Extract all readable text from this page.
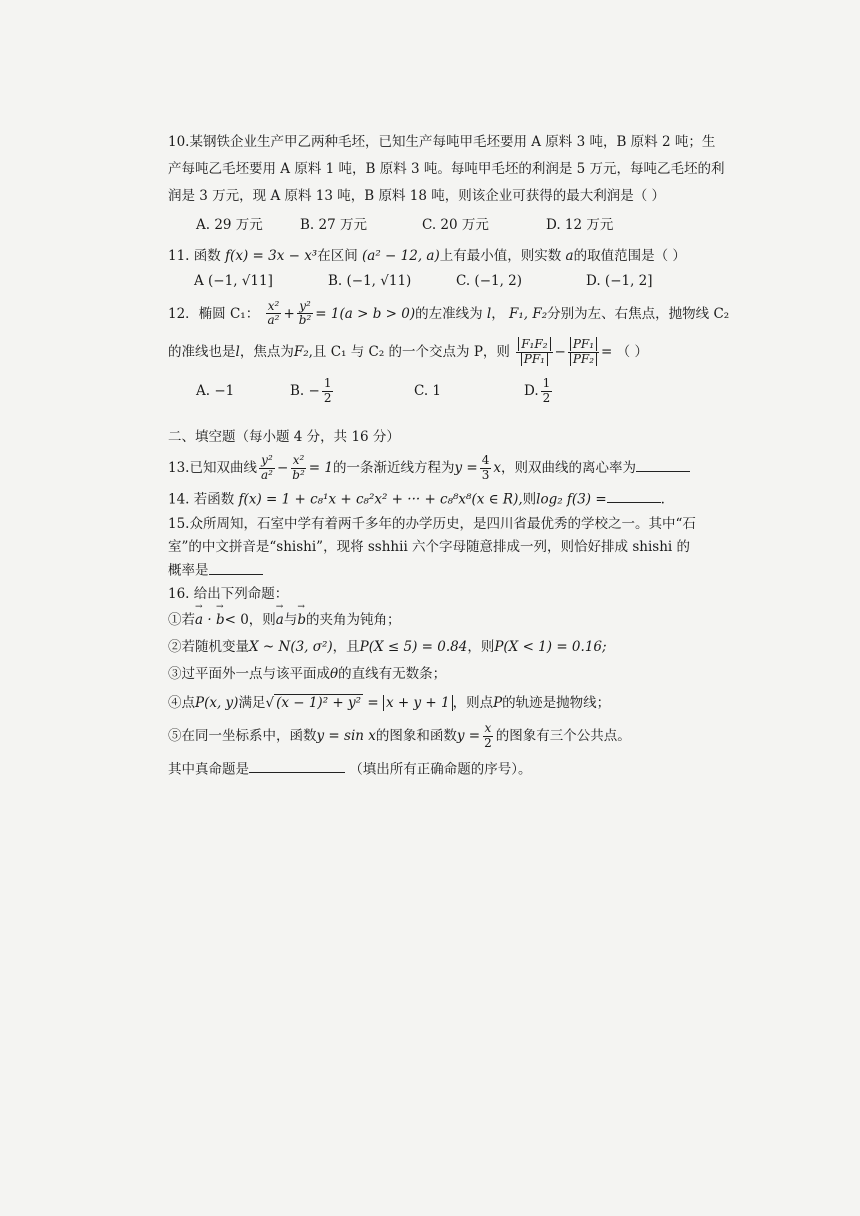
10.某钢铁企业生产甲乙两种毛坯，已知生产每吨甲毛坯要用 A 原料 3 吨，B 原料 2 吨；生
产每吨乙毛坯要用 A 原料 1 吨，B 原料 3 吨。每吨甲毛坯的利润是 5 万元，每吨乙毛坯的利
润是 3 万元，现 A 原料 13 吨，B 原料 18 吨，则该企业可获得的最大利润是（ ）
A. 29 万元	B. 27 万元	C. 20 万元	D. 12 万元
11. 函数 f(x) = 3x − x³在区间 (a² − 12, a)上有最小值，则实数 a的取值范围是（ ）
A (−1, √11]	B. (−1, √11)	C. (−1, 2)	D. (−1, 2]
12．椭圆 C₁： $\frac{\text{x²}}{\text{a²}} + \frac{\text{y²}}{\text{b²}} = 1(a > b > 0)$的左准线为 l， F₁, F₂分别为左、右焦点，抛物线 C₂
的准线也是l，焦点为F₂,且 C₁ 与 C₂ 的一个交点为 P，则 $\frac{\text{F₁F₂}}{\text{PF₁}} - \frac{\text{PF₁}}{\text{PF₂}}$ = （ ）
A. −1	B. − $\frac{1}{2}$	C. 1	D. $\frac{1}{2}$
二、填空题（每小题 4 分，共 16 分）
13.已知双曲线 $\frac{\text{y²}}{\text{a²}} - \frac{\text{x²}}{\text{b²}} = 1$的一条渐近线方程为$y = \frac{4}{3}$ x，则双曲线的离心率为
14. 若函数 f(x) = 1 + c₈¹x + c₈²x² + ··· + c₈⁸x⁸(x ∈ R),则log₂ f(3) =	.
15.众所周知，石室中学有着两千多年的办学历史，是四川省最优秀的学校之一。其中“石
室”的中文拼音是“shishi”，现将 sshhii 六个字母随意排成一列，则恰好排成 shishi 的
概率是
16. 给出下列命题：
①若→ a · → b< 0，则→ a与→ b的夹角为钝角；
②若随机变量X ~ N(3, σ²)，且P(X ≤ 5) = 0.84，则P(X < 1) = 0.16;
③过平面外一点与该平面成θ的直线有无数条；
④点P(x, y)满足√ (x − 1)² + y² = x + y + 1 ，则点P的轨迹是抛物线；
⑤在同一坐标系中，函数y = sin x的图象和函数$y = \frac{x}{2}$ 的图象有三个公共点。
其中真命题是	（填出所有正确命题的序号）。
